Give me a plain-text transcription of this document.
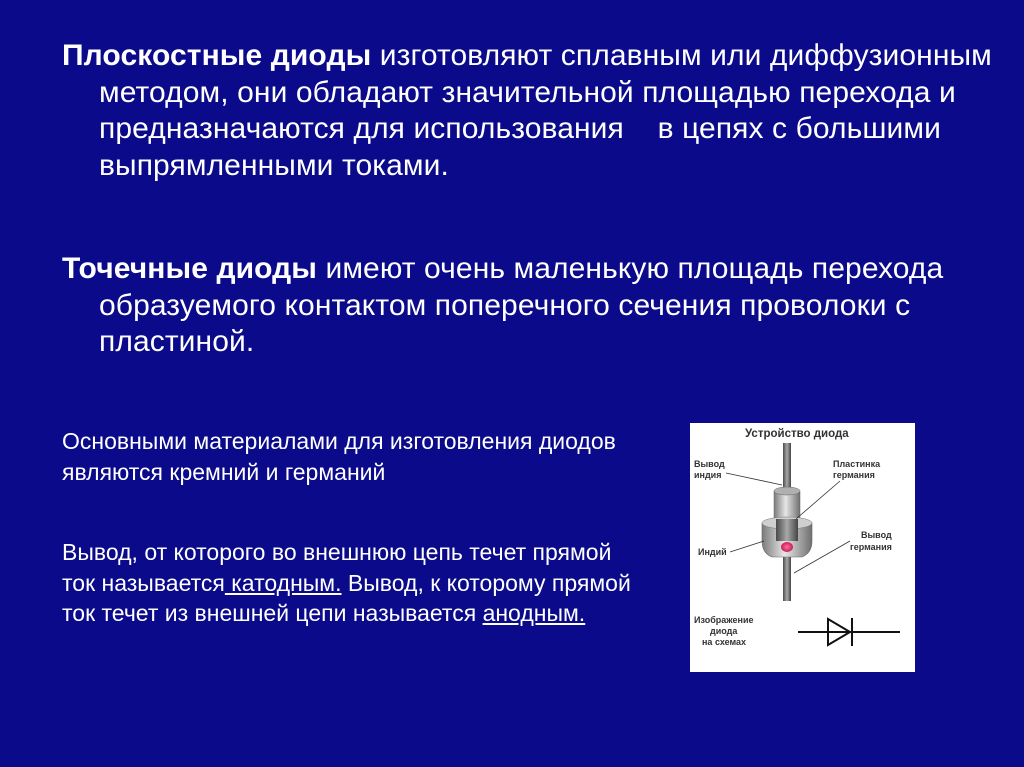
Плоскостные диоды изготовляют сплавным или диффузионным методом, они обладают значительной площадью перехода и предназначаются для использования    в цепях с большими выпрямленными токами.
Точечные диоды имеют очень маленькую площадь перехода образуемого контактом поперечного сечения проволоки с пластиной.
Основными материалами для изготовления диодов являются кремний и германий
Вывод, от которого во внешнюю цепь течет прямой ток называется катодным. Вывод, к которому прямой ток течет из внешней цепи называется анодным.
Устройство диода
Вывод
индия
Пластинка
германия
Индий
Вывод
германия
Изображение
диода
на схемах
